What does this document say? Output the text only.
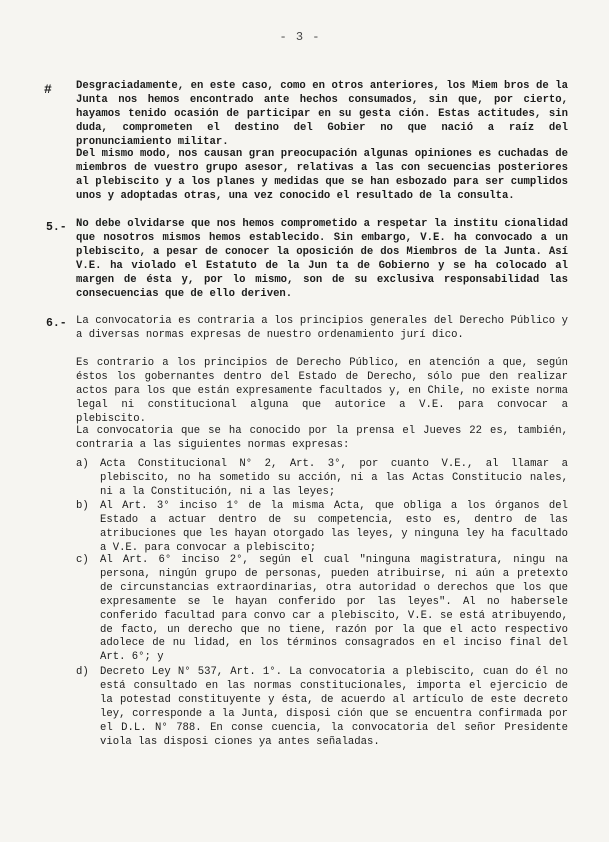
- 3 -
# Desgraciadamente, en este caso, como en otros anteriores, los Miem bros de la Junta nos hemos encontrado ante hechos consumados, sin que, por cierto, hayamos tenido ocasión de participar en su gesta ción. Estas actitudes, sin duda, comprometen el destino del Gobier no que nació a raíz del pronunciamiento militar.

Del mismo modo, nos causan gran preocupación algunas opiniones es cuchadas de miembros de vuestro grupo asesor, relativas a las con secuencias posteriores al plebiscito y a los planes y medidas que se han esbozado para ser cumplidos unos y adoptadas otras, una vez conocido el resultado de la consulta.

5.- No debe olvidarse que nos hemos comprometido a respetar la institu cionalidad que nosotros mismos hemos establecido. Sin embargo, V.E. ha convocado a un plebiscito, a pesar de conocer la oposición de dos Miembros de la Junta. Así V.E. ha violado el Estatuto de la Jun ta de Gobierno y se ha colocado al margen de ésta y, por lo mismo, son de su exclusiva responsabilidad las consecuencias que de ello deriven.

6.- La convocatoria es contraria a los principios generales del Derecho Público y a diversas normas expresas de nuestro ordenamiento jurí dico.

Es contrario a los principios de Derecho Público, en atención a que, según éstos los gobernantes dentro del Estado de Derecho, sólo pue den realizar actos para los que están expresamente facultados y, en Chile, no existe norma legal ni constitucional alguna que autorice a V.E. para convocar a plebiscito.

La convocatoria que se ha conocido por la prensa el Jueves 22 es, también, contraria a las siguientes normas expresas:

a) Acta Constitucional N° 2, Art. 3°, por cuanto V.E., al llamar a plebiscito, no ha sometido su acción, ni a las Actas Constitucio nales, ni a la Constitución, ni a las leyes;

b) Al Art. 3° inciso 1° de la misma Acta, que obliga a los órganos del Estado a actuar dentro de su competencia, esto es, dentro de las atribuciones que les hayan otorgado las leyes, y ninguna ley ha facultado a V.E. para convocar a plebiscito;

c) Al Art. 6° inciso 2°, según el cual "ninguna magistratura, ningu na persona, ningún grupo de personas, pueden atribuirse, ni aún a pretexto de circunstancias extraordinarias, otra autoridad o derechos que los que expresamente se le hayan conferido por las leyes". Al no habersele conferido facultad para convo car a plebiscito, V.E. se está atribuyendo, de facto, un derecho que no tiene, razón por la que el acto respectivo adolece de nu lidad, en los términos consagrados en el inciso final del Art. 6°; y

d) Decreto Ley N° 537, Art. 1°. La convocatoria a plebiscito, cuan do él no está consultado en las normas constitucionales, importa el ejercicio de la potestad constituyente y ésta, de acuerdo al artículo de este decreto ley, corresponde a la Junta, disposi ción que se encuentra confirmada por el D.L. N° 788. En conse cuencia, la convocatoria del señor Presidente viola las disposi ciones ya antes señaladas.
